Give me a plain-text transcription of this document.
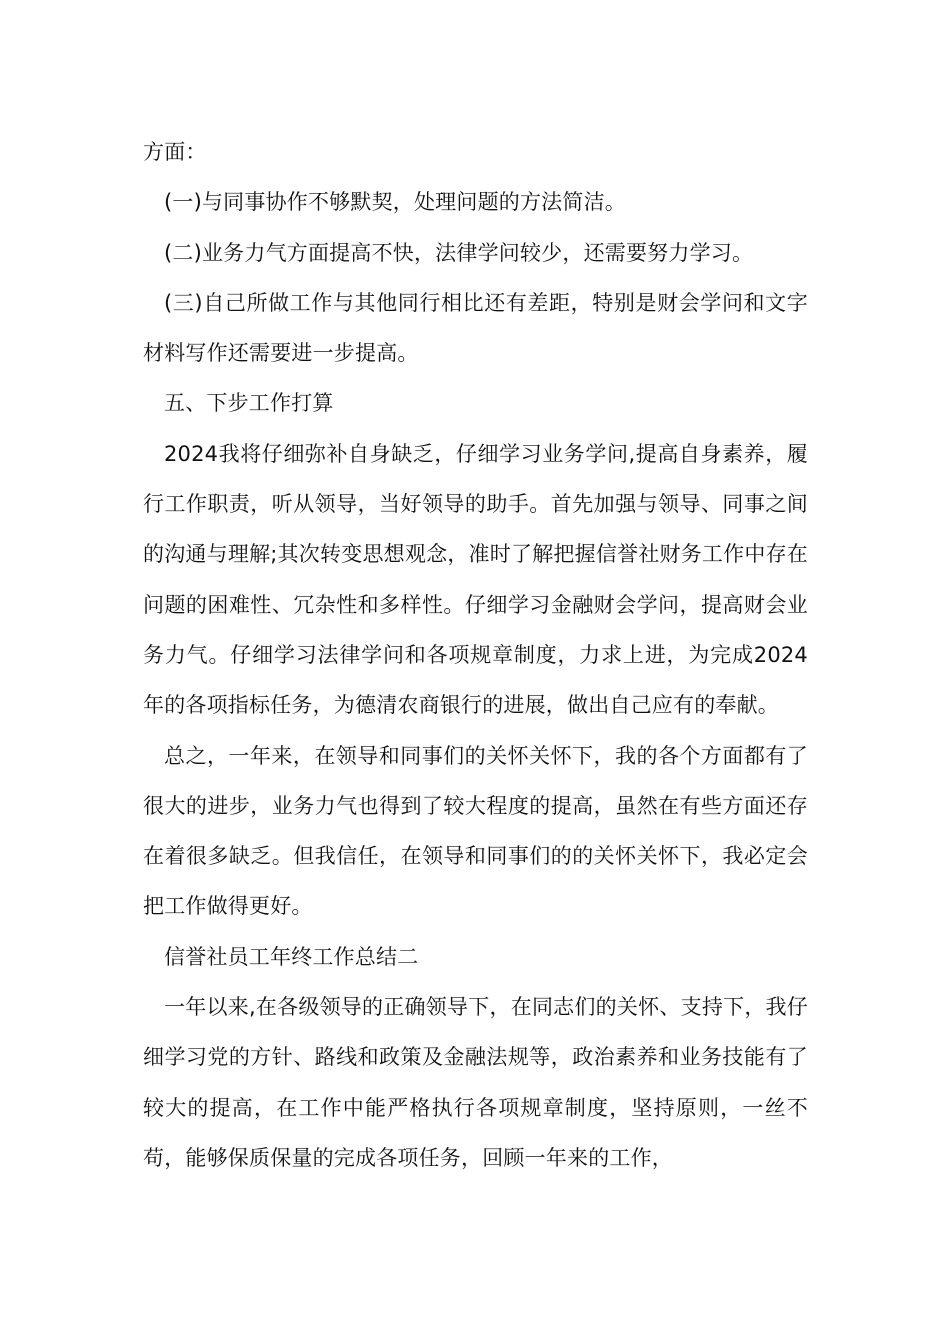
方面：

(一)与同事协作不够默契，处理问题的方法简洁。

(二)业务力气方面提高不快，法律学问较少，还需要努力学习。

(三)自己所做工作与其他同行相比还有差距，特别是财会学问和文字材料写作还需要进一步提高。

五、下步工作打算

2024我将仔细弥补自身缺乏，仔细学习业务学问,提高自身素养，履行工作职责，听从领导，当好领导的助手。首先加强与领导、同事之间的沟通与理解;其次转变思想观念，准时了解把握信誉社财务工作中存在问题的困难性、冗杂性和多样性。仔细学习金融财会学问，提高财会业务力气。仔细学习法律学问和各项规章制度，力求上进，为完成2024年的各项指标任务，为德清农商银行的进展，做出自己应有的奉献。

总之，一年来，在领导和同事们的关怀关怀下，我的各个方面都有了很大的进步，业务力气也得到了较大程度的提高，虽然在有些方面还存在着很多缺乏。但我信任，在领导和同事们的的关怀关怀下，我必定会把工作做得更好。

信誉社员工年终工作总结二

一年以来,在各级领导的正确领导下，在同志们的关怀、支持下，我仔细学习党的方针、路线和政策及金融法规等，政治素养和业务技能有了较大的提高，在工作中能严格执行各项规章制度，坚持原则，一丝不苟，能够保质保量的完成各项任务，回顾一年来的工作，
